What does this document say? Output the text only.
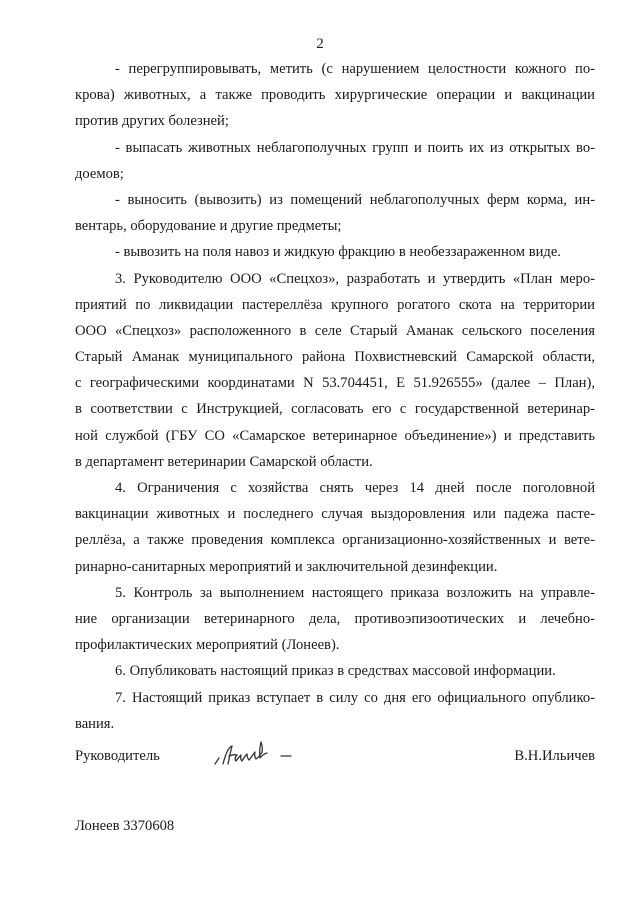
2
- перегруппировывать, метить (с нарушением целостности кожного по-
крова) животных, а также проводить хирургические операции и вакцинации
против других болезней;
- выпасать животных неблагополучных групп и поить их из открытых во-
доемов;
- выносить (вывозить) из помещений неблагополучных ферм корма, ин-
вентарь, оборудование и другие предметы;
- вывозить на поля навоз и жидкую фракцию в необеззараженном виде.
3. Руководителю ООО «Спецхоз», разработать и утвердить «План меро-
приятий по ликвидации пастереллёза крупного рогатого скота на территории
ООО «Спецхоз» расположенного в селе Старый Аманак сельского поселения
Старый Аманак муниципального района Похвистневский Самарской области,
с географическими координатами N 53.704451, E 51.926555» (далее – План),
в соответствии с Инструкцией, согласовать его с государственной ветеринар-
ной службой (ГБУ СО «Самарское ветеринарное объединение») и представить
в департамент ветеринарии Самарской области.
4. Ограничения с хозяйства снять через 14 дней после поголовной
вакцинации животных и последнего случая выздоровления или падежа пасте-
реллёза, а также проведения комплекса организационно-хозяйственных и вете-
ринарно-санитарных мероприятий и заключительной дезинфекции.
5. Контроль за выполнением настоящего приказа возложить на управле-
ние организации ветеринарного дела, противоэпизоотических и лечебно-
профилактических мероприятий (Лонеев).
6. Опубликовать настоящий приказ в средствах массовой информации.
7. Настоящий приказ вступает в силу со дня его официального опублико-
вания.
Руководитель	В.Н.Ильичев
Лонеев 3370608
